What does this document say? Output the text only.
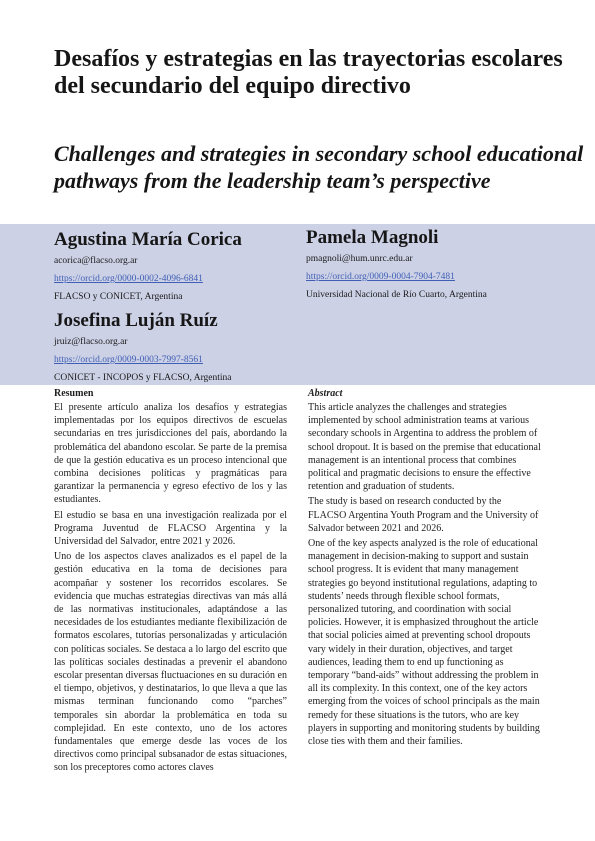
Desafíos y estrategias en las trayectorias escolares del secundario del equipo directivo
Challenges and strategies in secondary school educational pathways from the leadership team’s perspective
Agustina María Corica
acorica@flacso.org.ar
https://orcid.org/0000-0002-4096-6841
FLACSO y CONICET, Argentina
Pamela Magnoli
pmagnoli@hum.unrc.edu.ar
https://orcid.org/0009-0004-7904-7481
Universidad Nacional de Río Cuarto, Argentina
Josefina Luján Ruíz
jruiz@flacso.org.ar
https://orcid.org/0009-0003-7997-8561
CONICET - INCOPOS y FLACSO, Argentina
Resumen

El presente artículo analiza los desafíos y estrategias implementadas por los equipos directivos de escuelas secundarias en tres jurisdicciones del país, abordando la problemática del abandono escolar. Se parte de la premisa de que la gestión educativa es un proceso intencional que combina decisiones políticas y pragmáticas para garantizar la permanencia y egreso efectivo de los y las estudiantes.

El estudio se basa en una investigación realizada por el Programa Juventud de FLACSO Argentina y la Universidad del Salvador, entre 2021 y 2026.

Uno de los aspectos claves analizados es el papel de la gestión educativa en la toma de decisiones para acompañar y sostener los recorridos escolares. Se evidencia que muchas estrategias directivas van más allá de las normativas institucionales, adaptándose a las necesidades de los estudiantes mediante flexibilización de formatos escolares, tutorías personalizadas y articulación con políticas sociales. Se destaca a lo largo del escrito que las políticas sociales destinadas a prevenir el abandono escolar presentan diversas fluctuaciones en su duración en el tiempo, objetivos, y destinatarios, lo que lleva a que las mismas terminan funcionando como “parches” temporales sin abordar la problemática en toda su complejidad. En este contexto, uno de los actores fundamentales que emerge desde las voces de los directivos como principal subsanador de estas situaciones, son los preceptores como actores claves

Abstract

This article analyzes the challenges and strategies implemented by school administration teams at various secondary schools in Argentina to address the problem of school dropout. It is based on the premise that educational management is an intentional process that combines political and pragmatic decisions to ensure the effective retention and graduation of students.

The study is based on research conducted by the FLACSO Argentina Youth Program and the University of Salvador between 2021 and 2026.

One of the key aspects analyzed is the role of educational management in decision-making to support and sustain school progress. It is evident that many management strategies go beyond institutional regulations, adapting to students’ needs through flexible school formats, personalized tutoring, and coordination with social policies. However, it is emphasized throughout the article that social policies aimed at preventing school dropouts vary widely in their duration, objectives, and target audiences, leading them to end up functioning as temporary “band-aids” without addressing the problem in all its complexity. In this context, one of the key actors emerging from the voices of school principals as the main remedy for these situations is the tutors, who are key players in supporting and monitoring students by building close ties with them and their families.
